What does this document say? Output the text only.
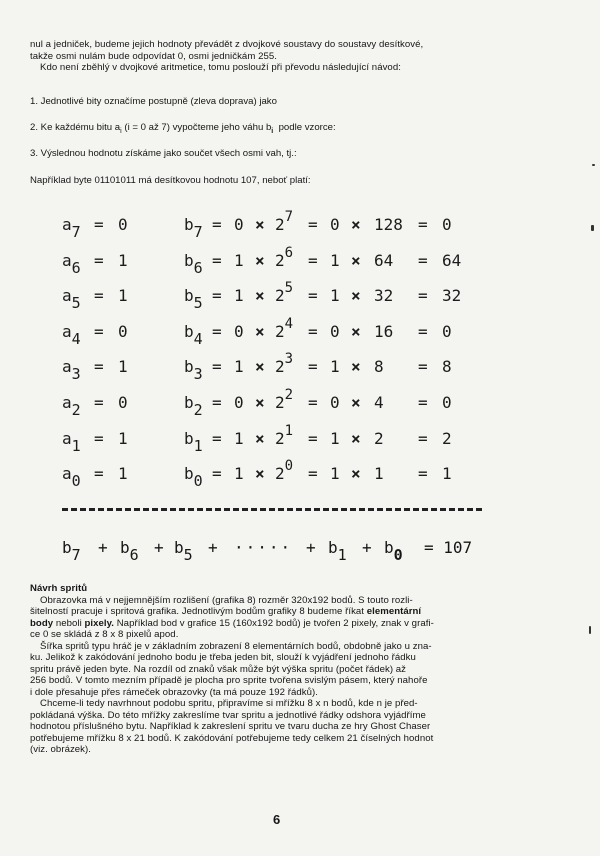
nul a jedniček, budeme jejich hodnoty převádět z dvojkové soustavy do soustavy desítkové,

takže osmi nulám bude odpovídat 0, osmi jedničkám 255.

Kdo není zběhlý v dvojkové aritmetice, tomu poslouží při převodu následující návod:

1. Jednotlivé bity označíme postupně (zleva doprava) jako
2. Ke každému bitu $a_i$ (i = 0 až 7) vypočteme jeho váhu $b_i$ podle vzorce:
3. Výslednou hodnotu získáme jako součet všech osmi vah, tj.:
Například byte 01101011 má desítkovou hodnotu 107, neboť platí:
$a_7 = 0$	$b_7 = 0 \times 2^7 = 0 \times 128 = 0$
$a_6 = 1$	$b_6 = 1 \times 2^6 = 1 \times 64 = 64$
$a_5 = 1$	$b_5 = 1 \times 2^5 = 1 \times 32 = 32$
$a_4 = 0$	$b_4 = 0 \times 2^4 = 0 \times 16 = 0$
$a_3 = 1$	$b_3 = 1 \times 2^3 = 1 \times 8 = 8$
$a_2 = 0$	$b_2 = 0 \times 2^2 = 0 \times 4 = 0$
$a_1 = 1$	$b_1 = 1 \times 2^1 = 1 \times 2 = 2$
$a_0 = 1$	$b_0 = 1 \times 2^0 = 1 \times 1 = 1$
$b_7 + b_6 + b_5$ + ····· + $b_1 + b_0 = 107$

Návrh spritů

Obrazovka má v nejjemnějším rozlišení (grafika 8) rozměr 320x192 bodů. S touto rozli-

šitelností pracuje i spritová grafika. Jednotlivým bodům grafiky 8 budeme říkat elementární

body neboli pixely. Například bod v grafice 15 (160x192 bodů) je tvořen 2 pixely, znak v grafi-

ce 0 se skládá z 8 x 8 pixelů apod.

Šířka spritů typu hráč je v základním zobrazení 8 elementárních bodů, obdobně jako u zna-

ku. Jelikož k zakódování jednoho bodu je třeba jeden bit, slouží k vyjádření jednoho řádku

spritu právě jeden byte. Na rozdíl od znaků však může být výška spritu (počet řádek) až

256 bodů. V tomto mezním případě je plocha pro sprite tvořena svislým pásem, který nahoře

i dole přesahuje přes rámeček obrazovky (ta má pouze 192 řádků).

Chceme-li tedy navrhnout podobu spritu, připravíme si mřížku 8 x n bodů, kde n je před-

pokládaná výška. Do této mřížky zakreslíme tvar spritu a jednotlivé řádky odshora vyjádříme

hodnotou příslušného bytu. Například k zakreslení spritu ve tvaru ducha ze hry Ghost Chaser

potřebujeme mřížku 8 x 21 bodů. K zakódování potřebujeme tedy celkem 21 číselných hodnot

(viz. obrázek).

6
